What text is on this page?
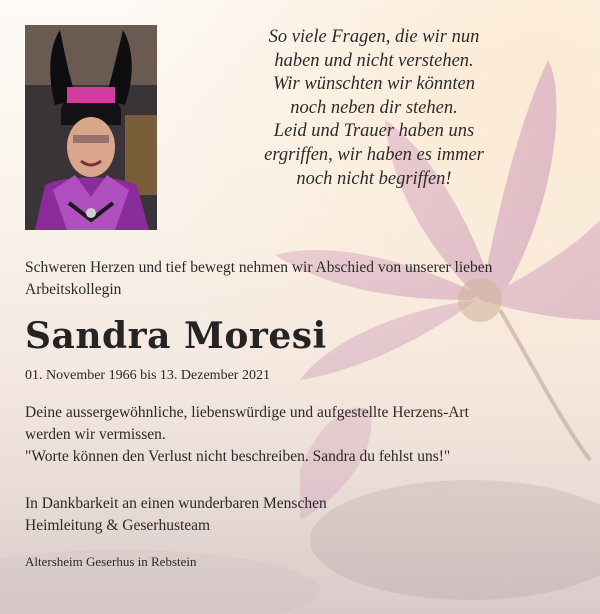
So viele Fragen, die wir nun
haben und nicht verstehen.
Wir wünschten wir könnten
noch neben dir stehen.
Leid und Trauer haben uns
ergriffen, wir haben es immer
noch nicht begriffen!

Schweren Herzen und tief bewegt nehmen wir Abschied von unserer lieben Arbeitskollegin

Sandra Moresi

01. November 1966 bis 13. Dezember 2021

Deine aussergewöhnliche, liebenswürdige und aufgestellte Herzens-Art
werden wir vermissen.
"Worte können den Verlust nicht beschreiben. Sandra du fehlst uns!"

In Dankbarkeit an einen wunderbaren Menschen
Heimleitung & Geserhusteam

Altersheim Geserhus in Rebstein
